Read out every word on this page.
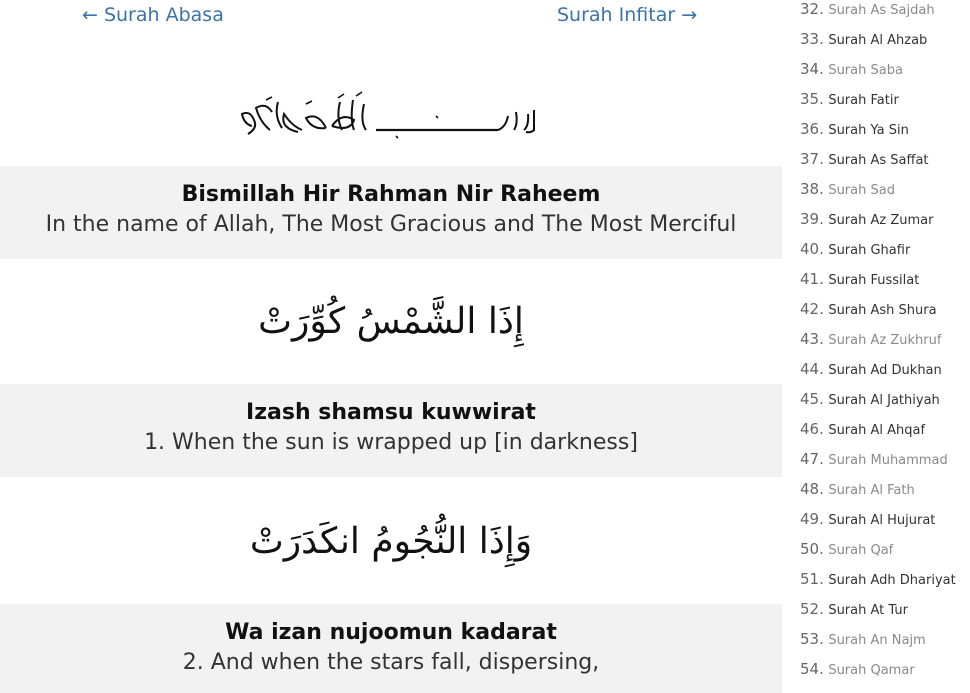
← Surah Abasa	Surah Infitar →
Bismillah Hir Rahman Nir Raheem
In the name of Allah, The Most Gracious and The Most Merciful
إِذَا الشَّمْسُ كُوِّرَتْ
Izash shamsu kuwwirat
1. When the sun is wrapped up [in darkness]
وَإِذَا النُّجُومُ انكَدَرَتْ
Wa izan nujoomun kadarat
2. And when the stars fall, dispersing,
32. Surah As Sajdah
33. Surah Al Ahzab
34. Surah Saba
35. Surah Fatir
36. Surah Ya Sin
37. Surah As Saffat
38. Surah Sad
39. Surah Az Zumar
40. Surah Ghafir
41. Surah Fussilat
42. Surah Ash Shura
43. Surah Az Zukhruf
44. Surah Ad Dukhan
45. Surah Al Jathiyah
46. Surah Al Ahqaf
47. Surah Muhammad
48. Surah Al Fath
49. Surah Al Hujurat
50. Surah Qaf
51. Surah Adh Dhariyat
52. Surah At Tur
53. Surah An Najm
54. Surah Qamar
